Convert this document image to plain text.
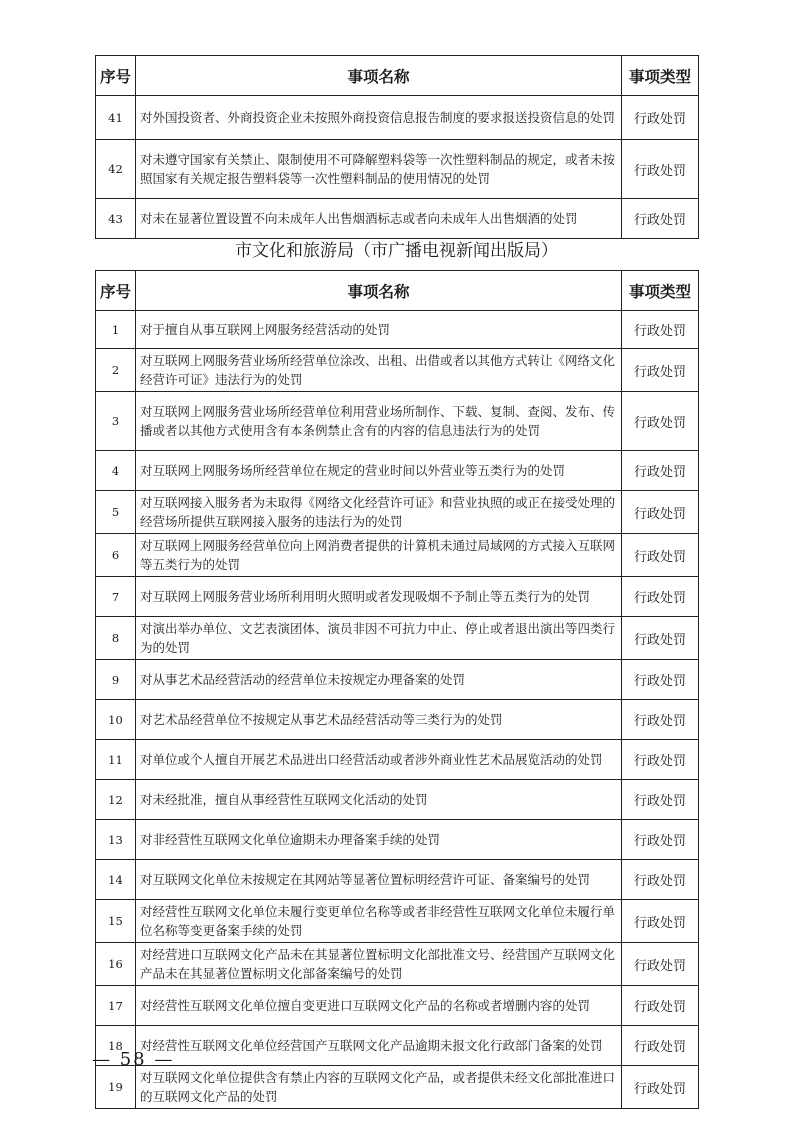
序号	事项名称	事项类型
41	对外国投资者、外商投资企业未按照外商投资信息报告制度的要求报送投资信息的处罚	行政处罚
42	对未遵守国家有关禁止、限制使用不可降解塑料袋等一次性塑料制品的规定，或者未按照国家有关规定报告塑料袋等一次性塑料制品的使用情况的处罚	行政处罚
43	对未在显著位置设置不向未成年人出售烟酒标志或者向未成年人出售烟酒的处罚	行政处罚
市文化和旅游局（市广播电视新闻出版局）
序号	事项名称	事项类型
1	对于擅自从事互联网上网服务经营活动的处罚	行政处罚
2	对互联网上网服务营业场所经营单位涂改、出租、出借或者以其他方式转让《网络文化经营许可证》违法行为的处罚	行政处罚
3	对互联网上网服务营业场所经营单位利用营业场所制作、下载、复制、查阅、发布、传播或者以其他方式使用含有本条例禁止含有的内容的信息违法行为的处罚	行政处罚
4	对互联网上网服务场所经营单位在规定的营业时间以外营业等五类行为的处罚	行政处罚
5	对互联网接入服务者为未取得《网络文化经营许可证》和营业执照的或正在接受处理的经营场所提供互联网接入服务的违法行为的处罚	行政处罚
6	对互联网上网服务经营单位向上网消费者提供的计算机未通过局域网的方式接入互联网等五类行为的处罚	行政处罚
7	对互联网上网服务营业场所利用明火照明或者发现吸烟不予制止等五类行为的处罚	行政处罚
8	对演出举办单位、文艺表演团体、演员非因不可抗力中止、停止或者退出演出等四类行为的处罚	行政处罚
9	对从事艺术品经营活动的经营单位未按规定办理备案的处罚	行政处罚
10	对艺术品经营单位不按规定从事艺术品经营活动等三类行为的处罚	行政处罚
11	对单位或个人擅自开展艺术品进出口经营活动或者涉外商业性艺术品展览活动的处罚	行政处罚
12	对未经批准，擅自从事经营性互联网文化活动的处罚	行政处罚
13	对非经营性互联网文化单位逾期未办理备案手续的处罚	行政处罚
14	对互联网文化单位未按规定在其网站等显著位置标明经营许可证、备案编号的处罚	行政处罚
15	对经营性互联网文化单位未履行变更单位名称等或者非经营性互联网文化单位未履行单位名称等变更备案手续的处罚	行政处罚
16	对经营进口互联网文化产品未在其显著位置标明文化部批准文号、经营国产互联网文化产品未在其显著位置标明文化部备案编号的处罚	行政处罚
17	对经营性互联网文化单位擅自变更进口互联网文化产品的名称或者增删内容的处罚	行政处罚
18	对经营性互联网文化单位经营国产互联网文化产品逾期未报文化行政部门备案的处罚	行政处罚
19	对互联网文化单位提供含有禁止内容的互联网文化产品，或者提供未经文化部批准进口的互联网文化产品的处罚	行政处罚
— 58 —
